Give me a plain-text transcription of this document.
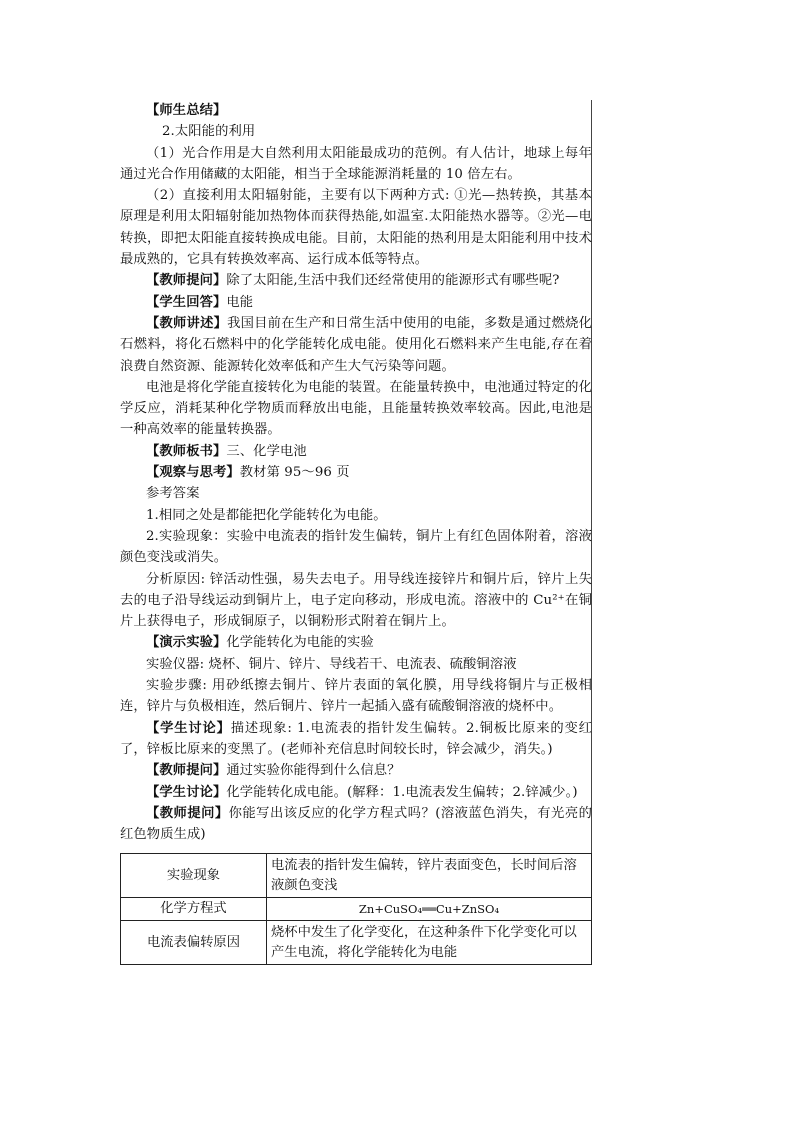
【师生总结】

2.太阳能的利用

（1）光合作用是大自然利用太阳能最成功的范例。有人估计，地球上每年通过光合作用储藏的太阳能，相当于全球能源消耗量的 10 倍左右。

（2）直接利用太阳辐射能，主要有以下两种方式: ①光—热转换，其基本原理是利用太阳辐射能加热物体而获得热能,如温室.太阳能热水器等。②光—电转换，即把太阳能直接转换成电能。目前，太阳能的热利用是太阳能利用中技术最成熟的，它具有转换效率高、运行成本低等特点。

【教师提问】除了太阳能,生活中我们还经常使用的能源形式有哪些呢?

【学生回答】电能

【教师讲述】我国目前在生产和日常生活中使用的电能，多数是通过燃烧化石燃料，将化石燃料中的化学能转化成电能。使用化石燃料来产生电能,存在着浪费自然资源、能源转化效率低和产生大气污染等问题。

电池是将化学能直接转化为电能的装置。在能量转换中，电池通过特定的化学反应，消耗某种化学物质而释放出电能，且能量转换效率较高。因此,电池是一种高效率的能量转换器。

【教师板书】三、化学电池

【观察与思考】教材第 95～96 页

参考答案

1.相同之处是都能把化学能转化为电能。

2.实验现象：实验中电流表的指针发生偏转，铜片上有红色固体附着，溶液颜色变浅或消失。

分析原因: 锌活动性强，易失去电子。用导线连接锌片和铜片后，锌片上失去的电子沿导线运动到铜片上，电子定向移动，形成电流。溶液中的 Cu²⁺在铜片上获得电子，形成铜原子，以铜粉形式附着在铜片上。

【演示实验】化学能转化为电能的实验

实验仪器: 烧杯、铜片、锌片、导线若干、电流表、硫酸铜溶液

实验步骤: 用砂纸擦去铜片、锌片表面的氧化膜，用导线将铜片与正极相连，锌片与负极相连，然后铜片、锌片一起插入盛有硫酸铜溶液的烧杯中。

【学生讨论】描述现象: 1.电流表的指针发生偏转。2.铜板比原来的变红了，锌板比原来的变黑了。(老师补充信息时间较长时，锌会减少，消失。)

【教师提问】通过实验你能得到什么信息？

【学生讨论】化学能转化成电能。(解释：1.电流表发生偏转；2.锌减少。)

【教师提问】你能写出该反应的化学方程式吗？(溶液蓝色消失，有光亮的红色物质生成)

实验现象	电流表的指针发生偏转，锌片表面变色，长时间后溶液颜色变浅
化学方程式	Zn+CuSO₄══Cu+ZnSO₄
电流表偏转原因	烧杯中发生了化学变化，在这种条件下化学变化可以产生电流，将化学能转化为电能
